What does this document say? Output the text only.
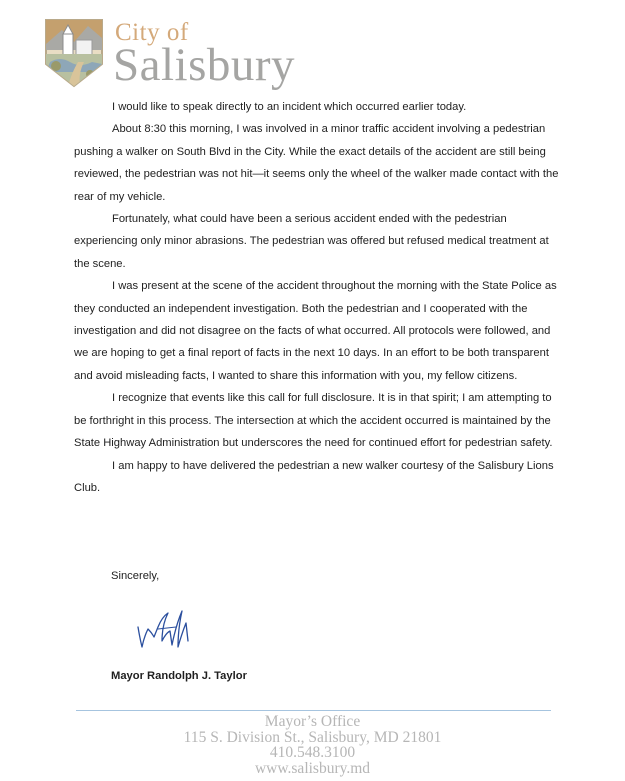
City of
Salisbury

I would like to speak directly to an incident which occurred earlier today.

About 8:30 this morning, I was involved in a minor traffic accident involving a pedestrian pushing a walker on South Blvd in the City. While the exact details of the accident are still being reviewed, the pedestrian was not hit—it seems only the wheel of the walker made contact with the rear of my vehicle.

Fortunately, what could have been a serious accident ended with the pedestrian experiencing only minor abrasions. The pedestrian was offered but refused medical treatment at the scene.

I was present at the scene of the accident throughout the morning with the State Police as they conducted an independent investigation. Both the pedestrian and I cooperated with the investigation and did not disagree on the facts of what occurred. All protocols were followed, and we are hoping to get a final report of facts in the next 10 days. In an effort to be both transparent and avoid misleading facts, I wanted to share this information with you, my fellow citizens.

I recognize that events like this call for full disclosure. It is in that spirit; I am attempting to be forthright in this process. The intersection at which the accident occurred is maintained by the State Highway Administration but underscores the need for continued effort for pedestrian safety.

I am happy to have delivered the pedestrian a new walker courtesy of the Salisbury Lions Club.

Sincerely,
Mayor Randolph J. Taylor
Mayor’s Office
115 S. Division St., Salisbury, MD 21801
410.548.3100
www.salisbury.md
